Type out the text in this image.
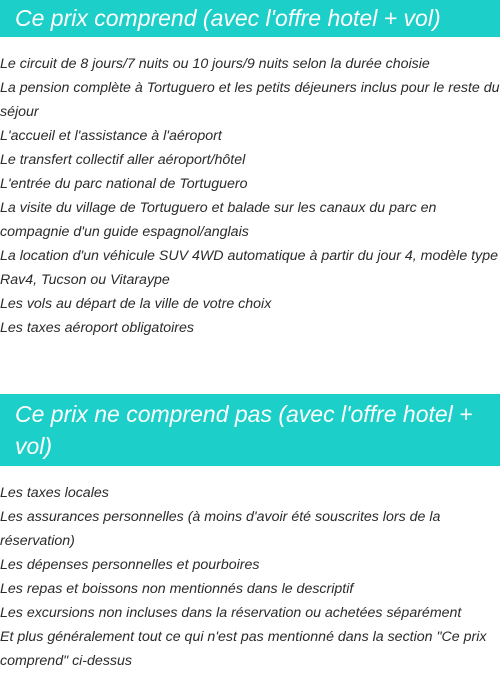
Ce prix comprend (avec l'offre hotel + vol)
Le circuit de 8 jours/7 nuits ou 10 jours/9 nuits selon la durée choisie
La pension complète à Tortuguero et les petits déjeuners inclus pour le reste du séjour
L'accueil et l'assistance à l'aéroport
Le transfert collectif aller aéroport/hôtel
L'entrée du parc national de Tortuguero
La visite du village de Tortuguero et balade sur les canaux du parc en compagnie d'un guide espagnol/anglais
La location d'un véhicule SUV 4WD automatique à partir du jour 4, modèle type Rav4, Tucson ou Vitaraype
Les vols au départ de la ville de votre choix
Les taxes aéroport obligatoires
Ce prix ne comprend pas (avec l'offre hotel + vol)
Les taxes locales
Les assurances personnelles (à moins d'avoir été souscrites lors de la réservation)
Les dépenses personnelles et pourboires
Les repas et boissons non mentionnés dans le descriptif
Les excursions non incluses dans la réservation ou achetées séparément
Et plus généralement tout ce qui n'est pas mentionné dans la section "Ce prix comprend" ci-dessus
